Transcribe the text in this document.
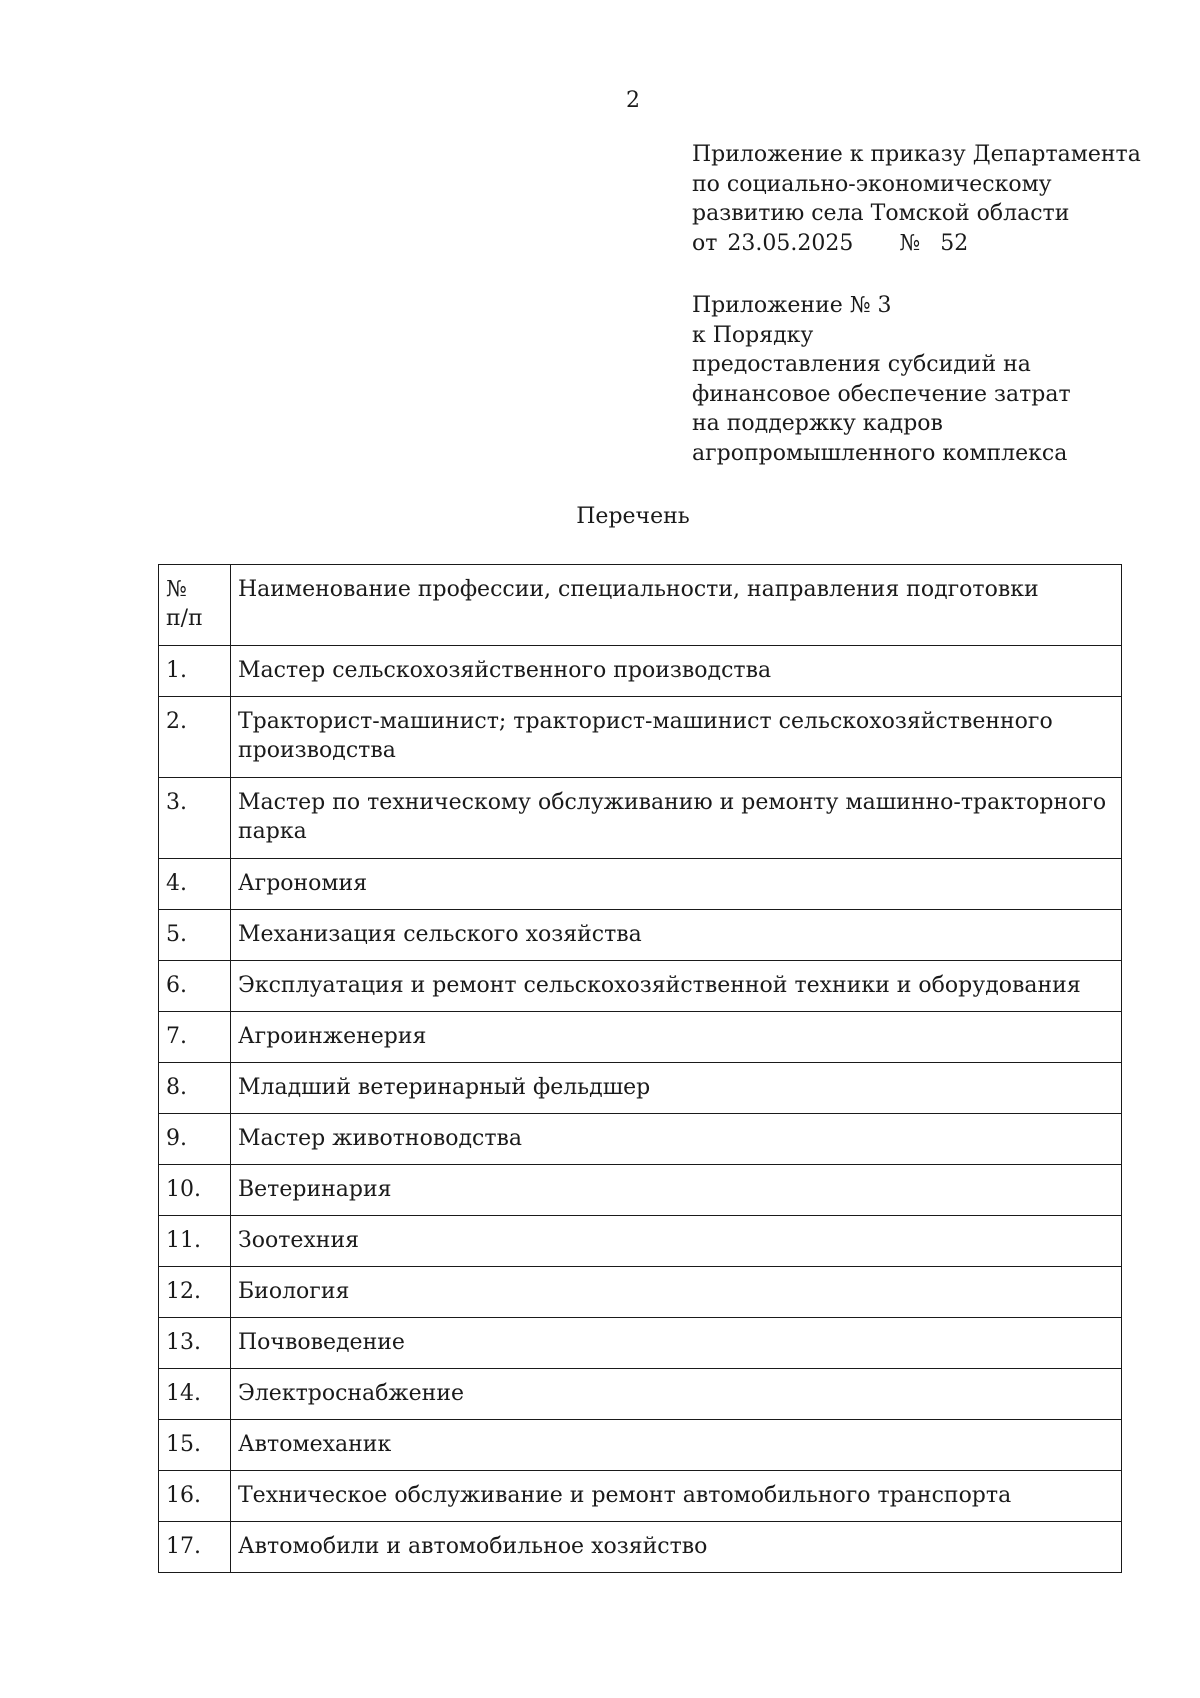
2
Приложение к приказу Департамента
по социально-экономическому
развитию села Томской области
от 23.05.2025 № 52
Приложение № 3
к Порядку
предоставления субсидий на
финансовое обеспечение затрат
на поддержку кадров
агропромышленного комплекса
Перечень
№
п/п	Наименование профессии, специальности, направления подготовки
1.	Мастер сельскохозяйственного производства
2.	Тракторист-машинист; тракторист-машинист сельскохозяйственного производства
3.	Мастер по техническому обслуживанию и ремонту машинно-тракторного парка
4.	Агрономия
5.	Механизация сельского хозяйства
6.	Эксплуатация и ремонт сельскохозяйственной техники и оборудования
7.	Агроинженерия
8.	Младший ветеринарный фельдшер
9.	Мастер животноводства
10.	Ветеринария
11.	Зоотехния
12.	Биология
13.	Почвоведение
14.	Электроснабжение
15.	Автомеханик
16.	Техническое обслуживание и ремонт автомобильного транспорта
17.	Автомобили и автомобильное хозяйство
